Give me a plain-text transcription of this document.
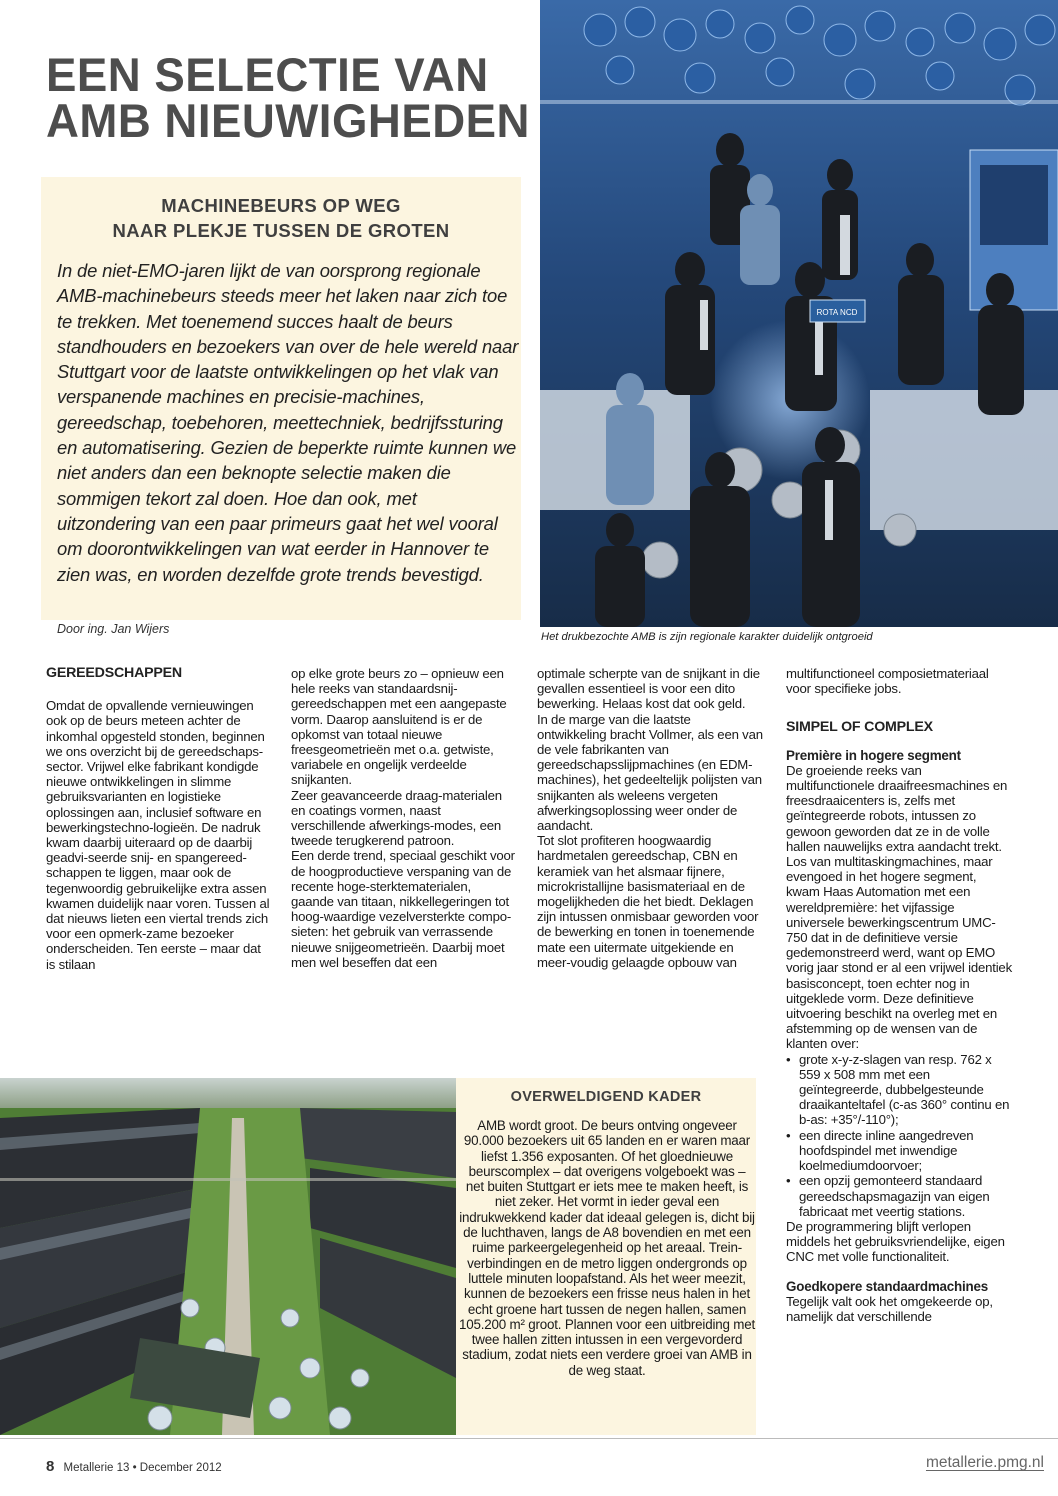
EEN SELECTIE VAN
AMB NIEUWIGHEDEN
MACHINEBEURS OP WEG
NAAR PLEKJE TUSSEN DE GROTEN

In de niet-EMO-jaren lijkt de van oorsprong regionale AMB-machinebeurs steeds meer het laken naar zich toe te trekken. Met toenemend succes haalt de beurs standhouders en bezoekers van over de hele wereld naar Stuttgart voor de laatste ontwikkelingen op het vlak van verspanende machines en precisie-machines, gereedschap, toebehoren, meettechniek, bedrijfssturing en automatisering. Gezien de beperkte ruimte kunnen we niet anders dan een beknopte selectie maken die sommigen tekort zal doen. Hoe dan ook, met uitzondering van een paar primeurs gaat het wel vooral om doorontwikkelingen van wat eerder in Hannover te zien was, en worden dezelfde grote trends bevestigd.

Door ing. Jan Wijers

ROTA NCD

Het drukbezochte AMB is zijn regionale karakter duidelijk ontgroeid

GEREEDSCHAPPEN

Omdat de opvallende vernieuwingen ook op de beurs meteen achter de inkomhal opgesteld stonden, beginnen we ons overzicht bij de gereedschaps-sector. Vrijwel elke fabrikant kondigde nieuwe ontwikkelingen in slimme gebruiksvarianten en logistieke oplossingen aan, inclusief software en bewerkingstechno-logieën. De nadruk kwam daarbij uiteraard op de daarbij geadvi-seerde snij- en spangereed-schappen te liggen, maar ook de tegenwoordig gebruikelijke extra assen kwamen duidelijk naar voren. Tussen al dat nieuws lieten een viertal trends zich voor een opmerk-zame bezoeker onderscheiden. Ten eerste – maar dat is stilaan

op elke grote beurs zo – opnieuw een hele reeks van standaardsnij-gereedschappen met een aangepaste vorm. Daarop aansluitend is er de opkomst van totaal nieuwe freesgeometrieën met o.a. getwiste, variabele en ongelijk verdeelde snijkanten.

Zeer geavanceerde draag-materialen en coatings vormen, naast verschillende afwerkings-modes, een tweede terugkerend patroon.

Een derde trend, speciaal geschikt voor de hoogproductieve verspaning van de recente hoge-sterktematerialen, gaande van titaan, nikkellegeringen tot hoog-waardige vezelversterkte compo-sieten: het gebruik van verrassende nieuwe snijgeometrieën. Daarbij moet men wel beseffen dat een

optimale scherpte van de snijkant in die gevallen essentieel is voor een dito bewerking. Helaas kost dat ook geld.

In de marge van die laatste ontwikkeling bracht Vollmer, als een van de vele fabrikanten van gereedschapsslijpmachines (en EDM-machines), het gedeeltelijk polijsten van snijkanten als weleens vergeten afwerkingsoplossing weer onder de aandacht.

Tot slot profiteren hoogwaardig hardmetalen gereedschap, CBN en keramiek van het alsmaar fijnere, microkristallijne basismateriaal en de mogelijkheden die het biedt. Deklagen zijn intussen onmisbaar geworden voor de bewerking en tonen in toenemende mate een uitermate uitgekiende en meer-voudig gelaagde opbouw van

multifunctioneel composietmateriaal voor specifieke jobs.

SIMPEL OF COMPLEX

Première in hogere segment

De groeiende reeks van multifunctionele draaifreesmachines en freesdraaicenters is, zelfs met geïntegreerde robots, intussen zo gewoon geworden dat ze in de volle hallen nauwelijks extra aandacht trekt.

Los van multitaskingmachines, maar evengoed in het hogere segment, kwam Haas Automation met een wereldpremière: het vijfassige universele bewerkingscentrum UMC-750 dat in de definitieve versie gedemonstreerd werd, want op EMO vorig jaar stond er al een vrijwel identiek basisconcept, toen echter nog in uitgeklede vorm. Deze definitieve uitvoering beschikt na overleg met en afstemming op de wensen van de klanten over:

• grote x-y-z-slagen van resp. 762 x 559 x 508 mm met een geïntegreerde, dubbelgesteunde draaikanteltafel (c-as 360° continu en b-as: +35°/-110°);
• een directe inline aangedreven hoofdspindel met inwendige koelmediumdoorvoer;
• een opzij gemonteerd standaard gereedschapsmagazijn van eigen fabricaat met veertig stations.

De programmering blijft verlopen middels het gebruiksvriendelijke, eigen CNC met volle functionaliteit.

Goedkopere standaardmachines

Tegelijk valt ook het omgekeerde op, namelijk dat verschillende

OVERWELDIGEND KADER

AMB wordt groot. De beurs ontving ongeveer 90.000 bezoekers uit 65 landen en er waren maar liefst 1.356 exposanten. Of het gloednieuwe beurscomplex – dat overigens volgeboekt was – net buiten Stuttgart er iets mee te maken heeft, is niet zeker. Het vormt in ieder geval een indrukwekkend kader dat ideaal gelegen is, dicht bij de luchthaven, langs de A8 bovendien en met een ruime parkeergelegenheid op het areaal. Trein-verbindingen en de metro liggen ondergronds op luttele minuten loopafstand. Als het weer meezit, kunnen de bezoekers een frisse neus halen in het echt groene hart tussen de negen hallen, samen 105.200 m² groot. Plannen voor een uitbreiding met twee hallen zitten intussen in een vergevorderd stadium, zodat niets een verdere groei van AMB in de weg staat.

8 Metallerie 13 • December 2012	metallerie.pmg.nl
